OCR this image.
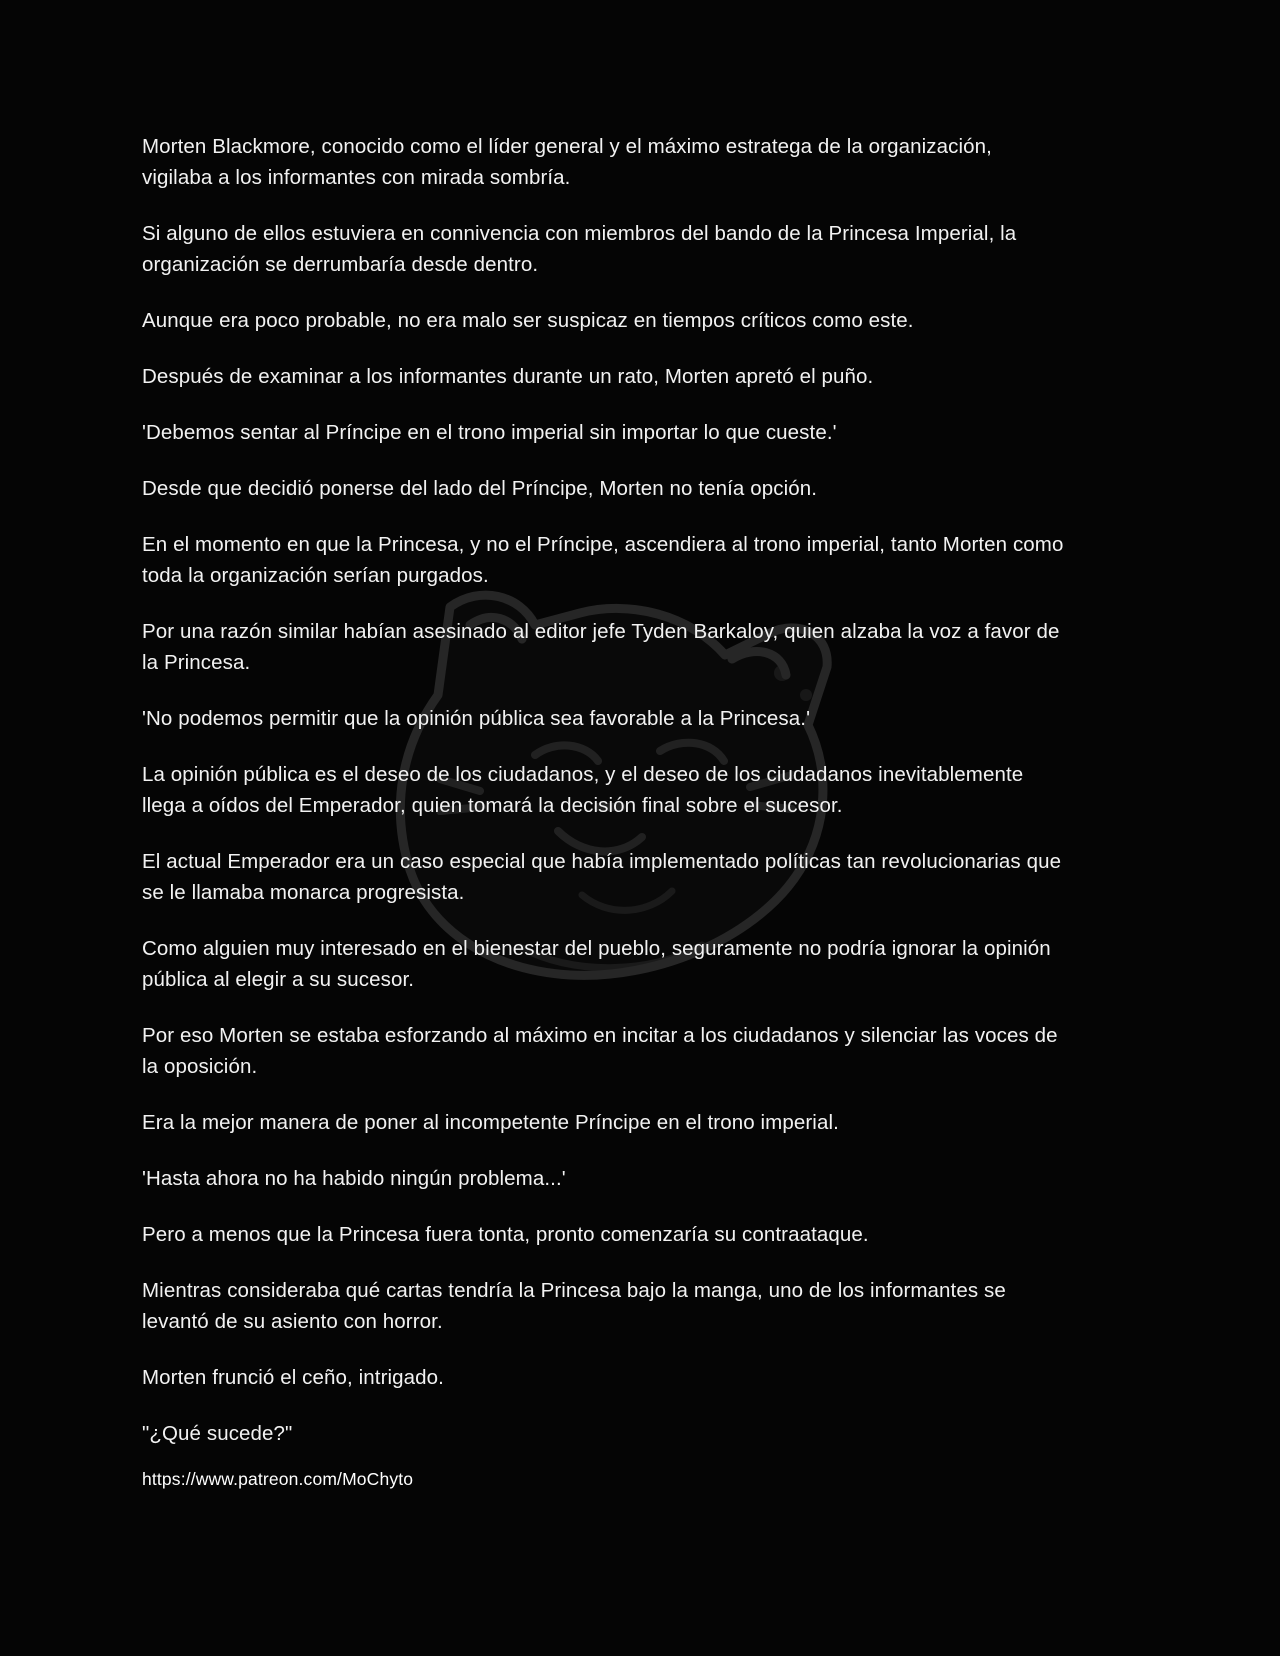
Morten Blackmore, conocido como el líder general y el máximo estratega de la organización, vigilaba a los informantes con mirada sombría.

Si alguno de ellos estuviera en connivencia con miembros del bando de la Princesa Imperial, la organización se derrumbaría desde dentro.

Aunque era poco probable, no era malo ser suspicaz en tiempos críticos como este.

Después de examinar a los informantes durante un rato, Morten apretó el puño.

'Debemos sentar al Príncipe en el trono imperial sin importar lo que cueste.'

Desde que decidió ponerse del lado del Príncipe, Morten no tenía opción.

En el momento en que la Princesa, y no el Príncipe, ascendiera al trono imperial, tanto Morten como toda la organización serían purgados.

Por una razón similar habían asesinado al editor jefe Tyden Barkaloy, quien alzaba la voz a favor de la Princesa.

'No podemos permitir que la opinión pública sea favorable a la Princesa.'

La opinión pública es el deseo de los ciudadanos, y el deseo de los ciudadanos inevitablemente llega a oídos del Emperador, quien tomará la decisión final sobre el sucesor.

El actual Emperador era un caso especial que había implementado políticas tan revolucionarias que se le llamaba monarca progresista.

Como alguien muy interesado en el bienestar del pueblo, seguramente no podría ignorar la opinión pública al elegir a su sucesor.

Por eso Morten se estaba esforzando al máximo en incitar a los ciudadanos y silenciar las voces de la oposición.

Era la mejor manera de poner al incompetente Príncipe en el trono imperial.

'Hasta ahora no ha habido ningún problema...'

Pero a menos que la Princesa fuera tonta, pronto comenzaría su contraataque.

Mientras consideraba qué cartas tendría la Princesa bajo la manga, uno de los informantes se levantó de su asiento con horror.

Morten frunció el ceño, intrigado.

"¿Qué sucede?"

https://www.patreon.com/MoChyto
